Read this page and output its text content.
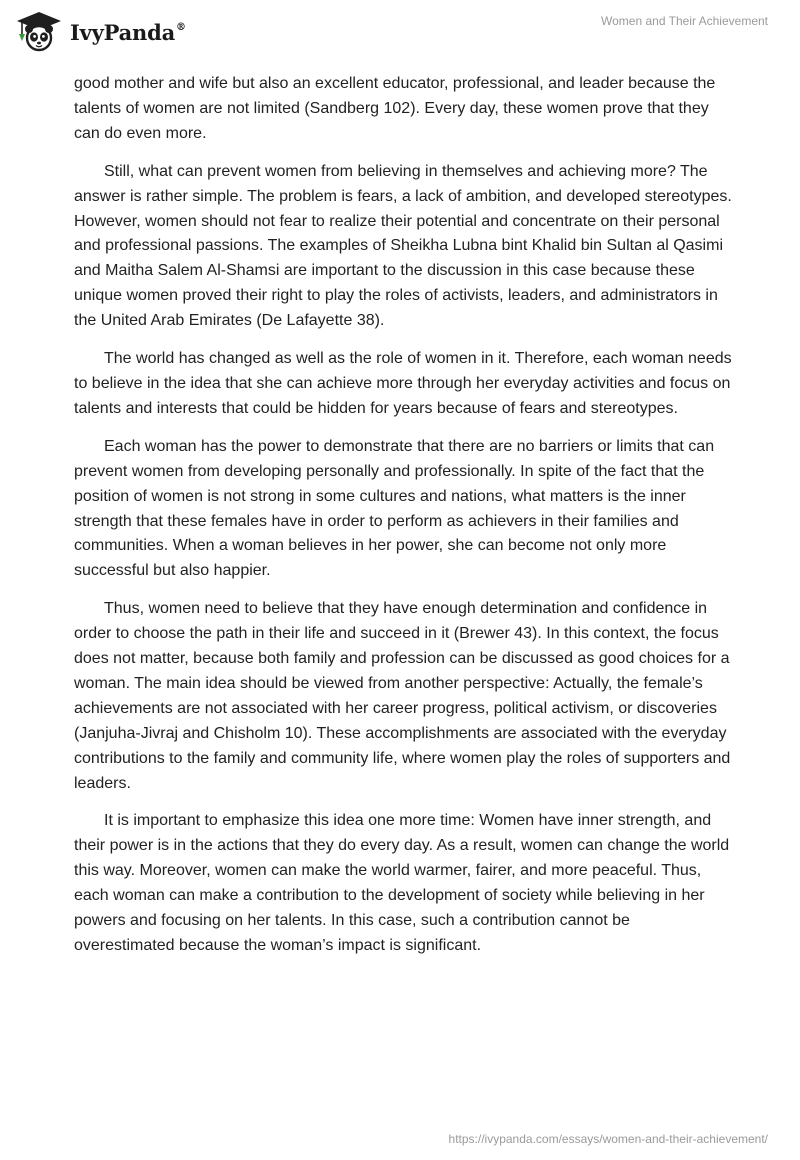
IvyPanda®	Women and Their Achievement

good mother and wife but also an excellent educator, professional, and leader because the talents of women are not limited (Sandberg 102). Every day, these women prove that they can do even more.

Still, what can prevent women from believing in themselves and achieving more? The answer is rather simple. The problem is fears, a lack of ambition, and developed stereotypes. However, women should not fear to realize their potential and concentrate on their personal and professional passions. The examples of Sheikha Lubna bint Khalid bin Sultan al Qasimi and Maitha Salem Al-Shamsi are important to the discussion in this case because these unique women proved their right to play the roles of activists, leaders, and administrators in the United Arab Emirates (De Lafayette 38).

The world has changed as well as the role of women in it. Therefore, each woman needs to believe in the idea that she can achieve more through her everyday activities and focus on talents and interests that could be hidden for years because of fears and stereotypes.

Each woman has the power to demonstrate that there are no barriers or limits that can prevent women from developing personally and professionally. In spite of the fact that the position of women is not strong in some cultures and nations, what matters is the inner strength that these females have in order to perform as achievers in their families and communities. When a woman believes in her power, she can become not only more successful but also happier.

Thus, women need to believe that they have enough determination and confidence in order to choose the path in their life and succeed in it (Brewer 43). In this context, the focus does not matter, because both family and profession can be discussed as good choices for a woman. The main idea should be viewed from another perspective: Actually, the female’s achievements are not associated with her career progress, political activism, or discoveries (Janjuha-Jivraj and Chisholm 10). These accomplishments are associated with the everyday contributions to the family and community life, where women play the roles of supporters and leaders.

It is important to emphasize this idea one more time: Women have inner strength, and their power is in the actions that they do every day. As a result, women can change the world this way. Moreover, women can make the world warmer, fairer, and more peaceful. Thus, each woman can make a contribution to the development of society while believing in her powers and focusing on her talents. In this case, such a contribution cannot be overestimated because the woman’s impact is significant.

https://ivypanda.com/essays/women-and-their-achievement/
